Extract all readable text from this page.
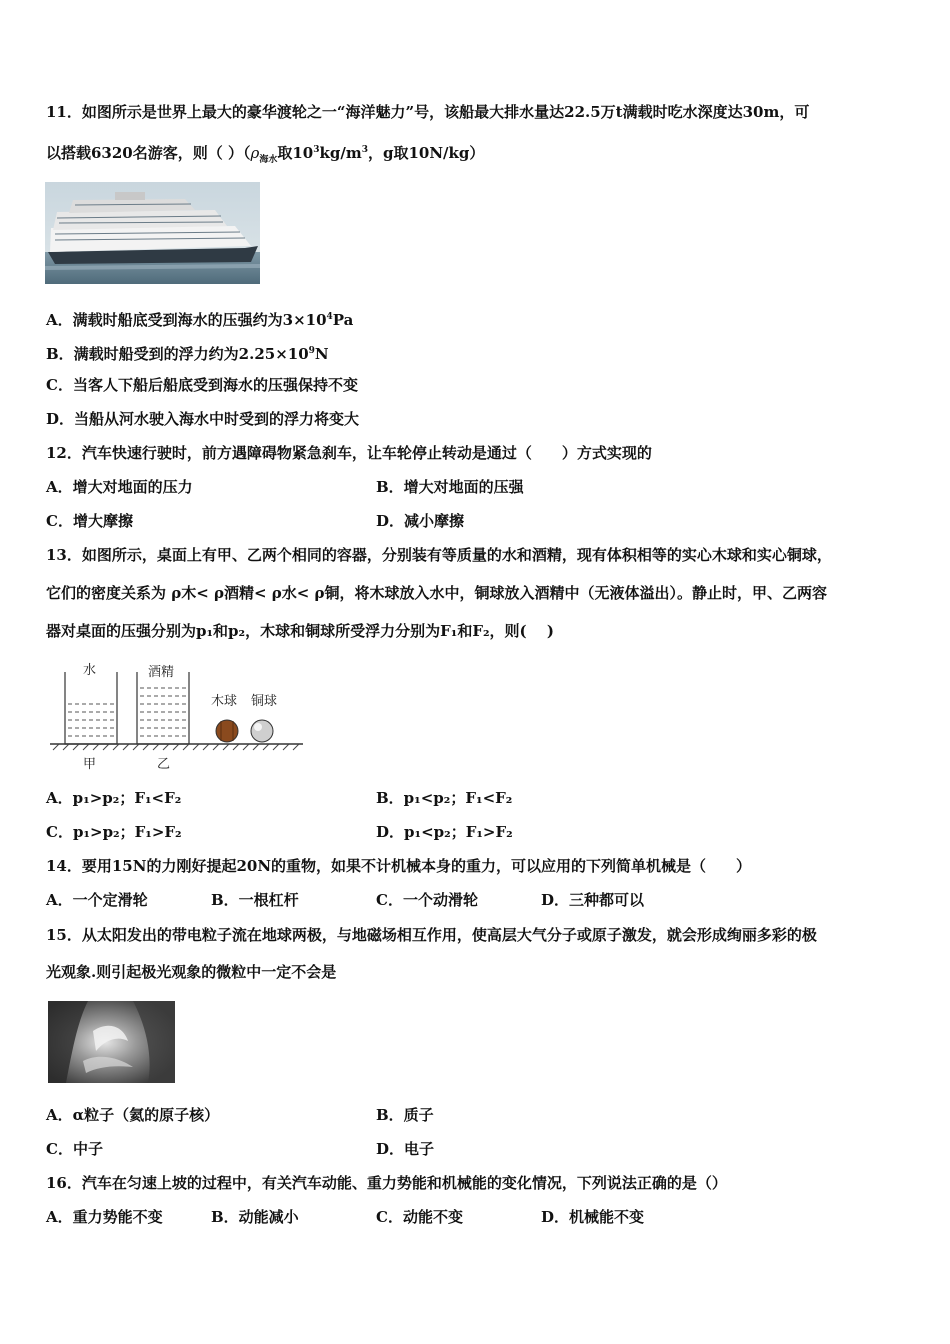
11．如图所示是世界上最大的豪华渡轮之一“海洋魅力”号，该船最大排水量达22.5万t满载时吃水深度达30m，可
以搭载6320名游客，则（ ）（$\rho_{海水}$取$10^3kg/m^3$，g取10N/kg）
A．满载时船底受到海水的压强约为$3\times 10^4Pa$
B．满载时船受到的浮力约为$2.25\times 10^9N$
C．当客人下船后船底受到海水的压强保持不变
D．当船从河水驶入海水中时受到的浮力将变大
12．汽车快速行驶时，前方遇障碍物紧急刹车，让车轮停止转动是通过（　　）方式实现的
A．增大对地面的压力	B．增大对地面的压强
C．增大摩擦	D．减小摩擦
13．如图所示，桌面上有甲、乙两个相同的容器，分别装有等质量的水和酒精，现有体积相等的实心木球和实心铜球，
它们的密度关系为 ρ木< ρ酒精< ρ水< ρ铜，将木球放入水中，铜球放入酒精中（无液体溢出）。静止时，甲、乙两容
器对桌面的压强分别为p₁和p₂，木球和铜球所受浮力分别为F₁和F₂，则(　 )
水	酒精
木球 铜球
甲	乙
A．p₁>p₂；F₁<F₂	B．p₁<p₂；F₁<F₂
C．p₁>p₂；F₁>F₂	D．p₁<p₂；F₁>F₂
14．要用15N的力刚好提起20N的重物，如果不计机械本身的重力，可以应用的下列简单机械是（　　）
A．一个定滑轮	B．一根杠杆	C．一个动滑轮	D．三种都可以
15．从太阳发出的带电粒子流在地球两极，与地磁场相互作用，使高层大气分子或原子激发，就会形成绚丽多彩的极
光观象.则引起极光观象的微粒中一定不会是
A．α粒子（氦的原子核）	B．质子
C．中子	D．电子
16．汽车在匀速上坡的过程中，有关汽车动能、重力势能和机械能的变化情况，下列说法正确的是（）
A．重力势能不变	B．动能减小	C．动能不变	D．机械能不变
